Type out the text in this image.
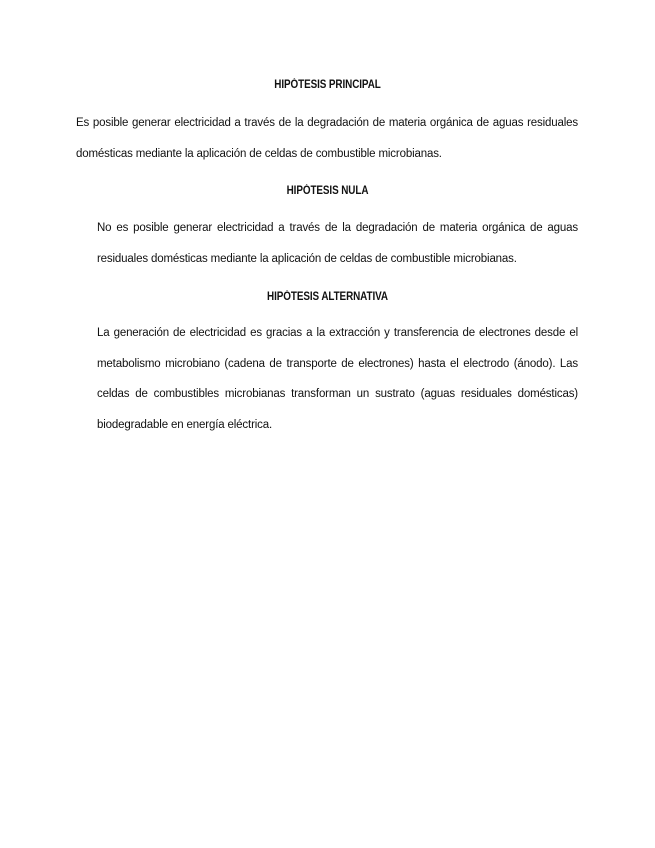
HIPÓTESIS PRINCIPAL
Es posible generar electricidad a través de la degradación de materia orgánica de aguas residuales domésticas mediante la aplicación de celdas de combustible microbianas.
HIPÓTESIS NULA
No es posible generar electricidad a través de la degradación de materia orgánica de aguas residuales domésticas mediante la aplicación de celdas de combustible microbianas.
HIPÓTESIS ALTERNATIVA
La generación de electricidad es gracias a la extracción y transferencia de electrones desde el metabolismo microbiano (cadena de transporte de electrones) hasta el electrodo (ánodo). Las celdas de combustibles microbianas transforman un sustrato (aguas residuales domésticas) biodegradable en energía eléctrica.
